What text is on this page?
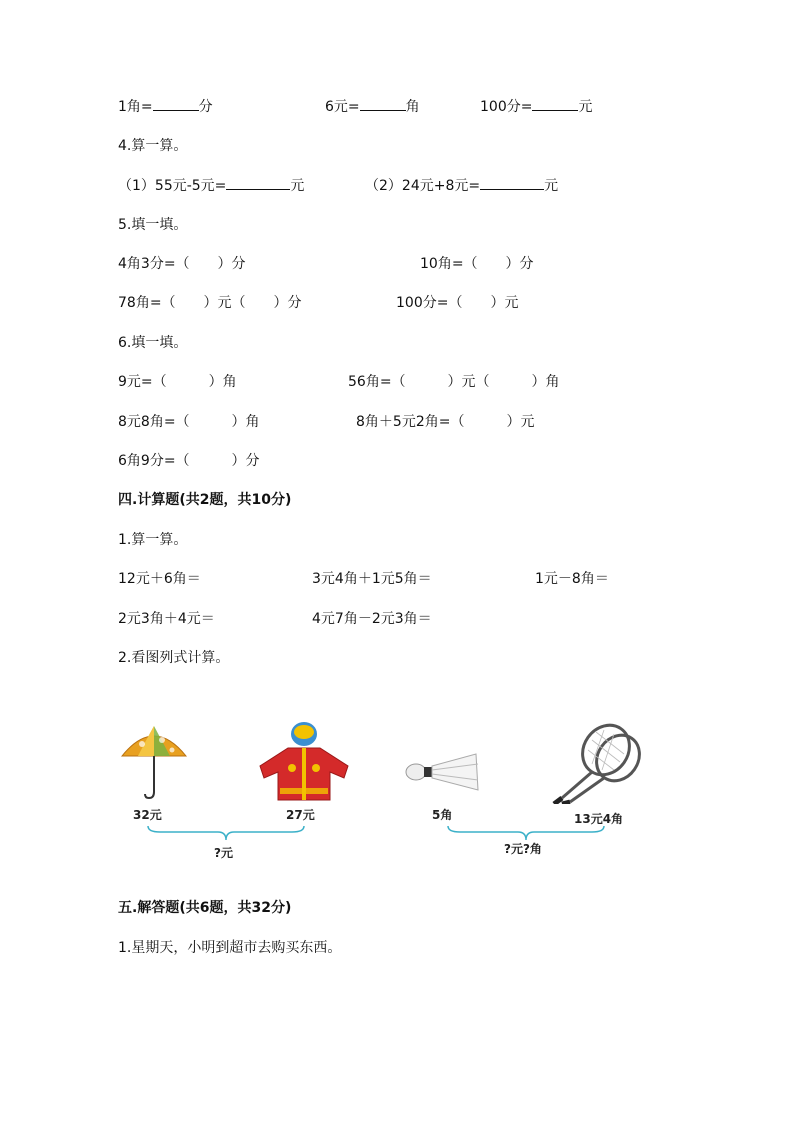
1角=	分	6元=	角	100分=	元
4.算一算。
（1）55元-5元=	元	（2）24元+8元=	元
5.填一填。
4角3分=（　　）分	10角=（　　）分
78角=（　　）元（　　）分	100分=（　　）元
6.填一填。
9元=（　　　）角	56角=（　　　）元（　　　）角
8元8角=（　　　）角	8角＋5元2角=（　　　）元
6角9分=（　　　）分
四.计算题(共2题，共10分)
1.算一算。
12元＋6角＝	3元4角＋1元5角＝	1元－8角＝
2元3角＋4元＝	4元7角－2元3角＝
2.看图列式计算。
32元	27元	5角	13元4角
?元	?元?角
五.解答题(共6题，共32分)
1.星期天，小明到超市去购买东西。
